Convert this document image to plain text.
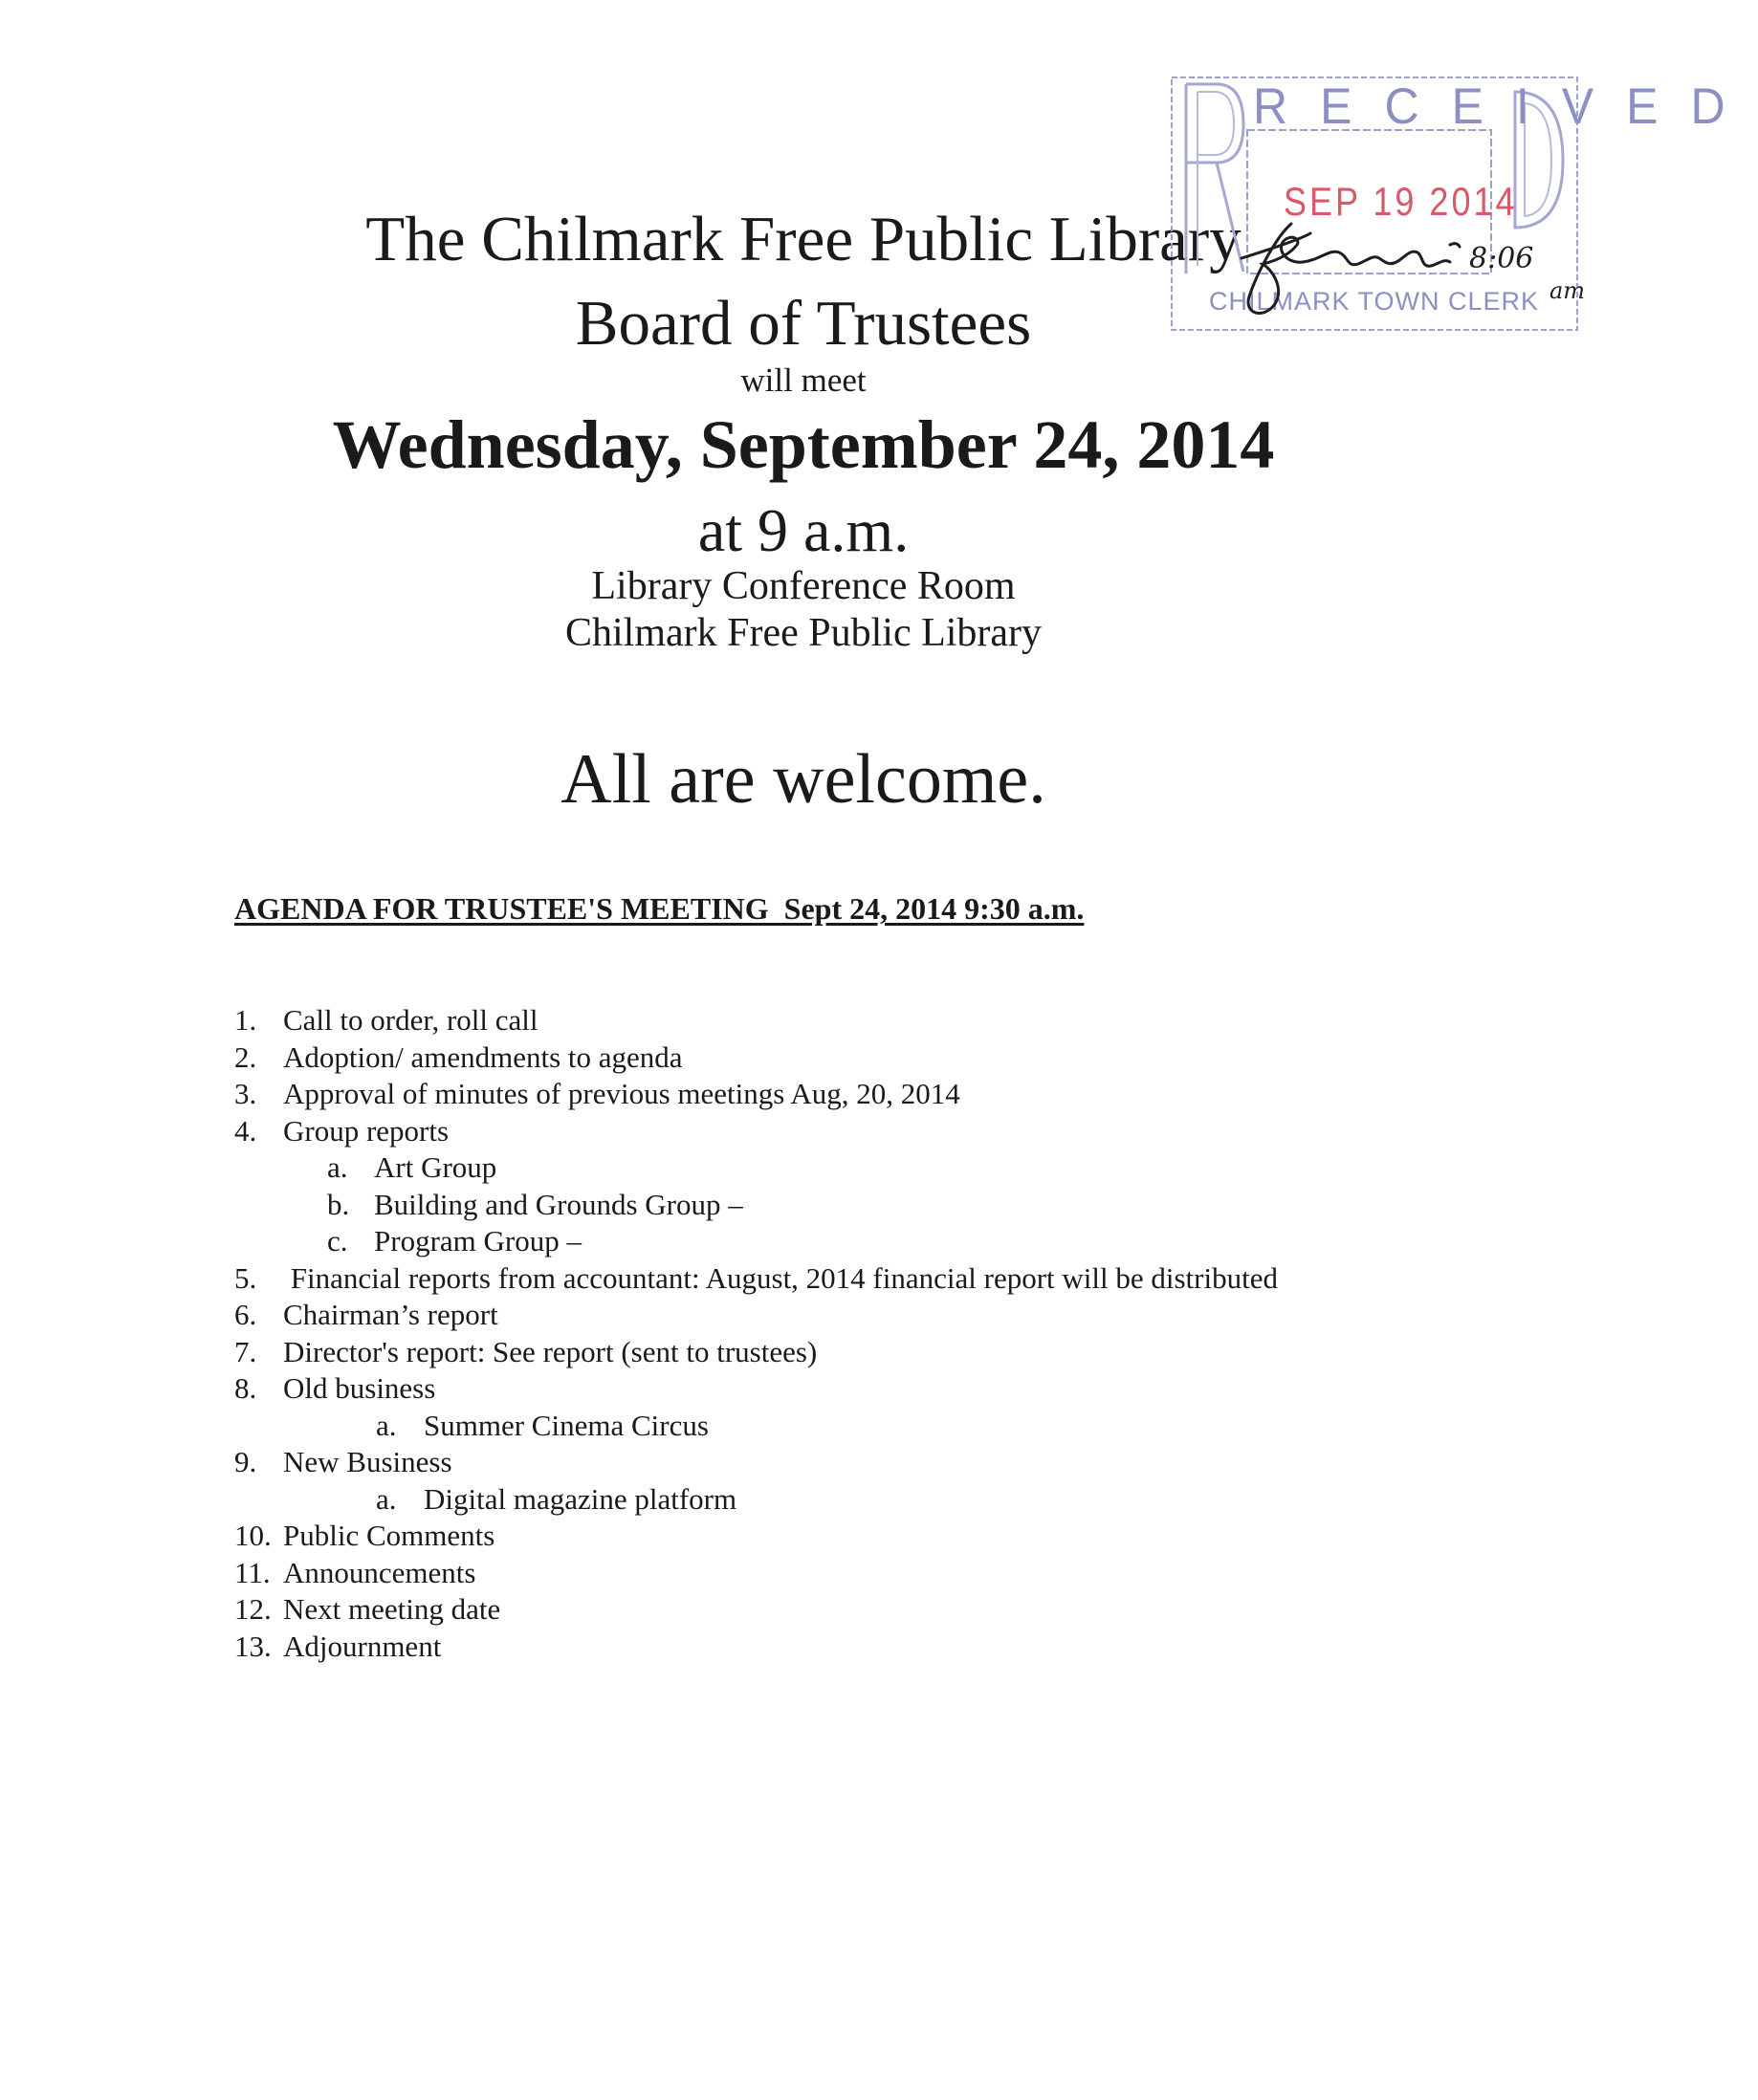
The Chilmark Free Public Library
Board of Trustees
will meet
Wednesday, September 24, 2014
at 9 a.m.
Library Conference Room
Chilmark Free Public Library
All are welcome.
AGENDA FOR TRUSTEE'S MEETING  Sept 24, 2014 9:30 a.m.
1. Call to order, roll call
2. Adoption/ amendments to agenda
3. Approval of minutes of previous meetings Aug, 20, 2014
4. Group reports
a. Art Group
b. Building and Grounds Group –
c. Program Group –
5. Financial reports from accountant: August, 2014 financial report will be distributed
6. Chairman’s report
7. Director's report: See report (sent to trustees)
8. Old business
a. Summer Cinema Circus
9. New Business
a. Digital magazine platform
10. Public Comments
11. Announcements
12. Next meeting date
13. Adjournment
RECEIVED
SEP 19 2014
CHILMARK TOWN CLERK
8:06
am
